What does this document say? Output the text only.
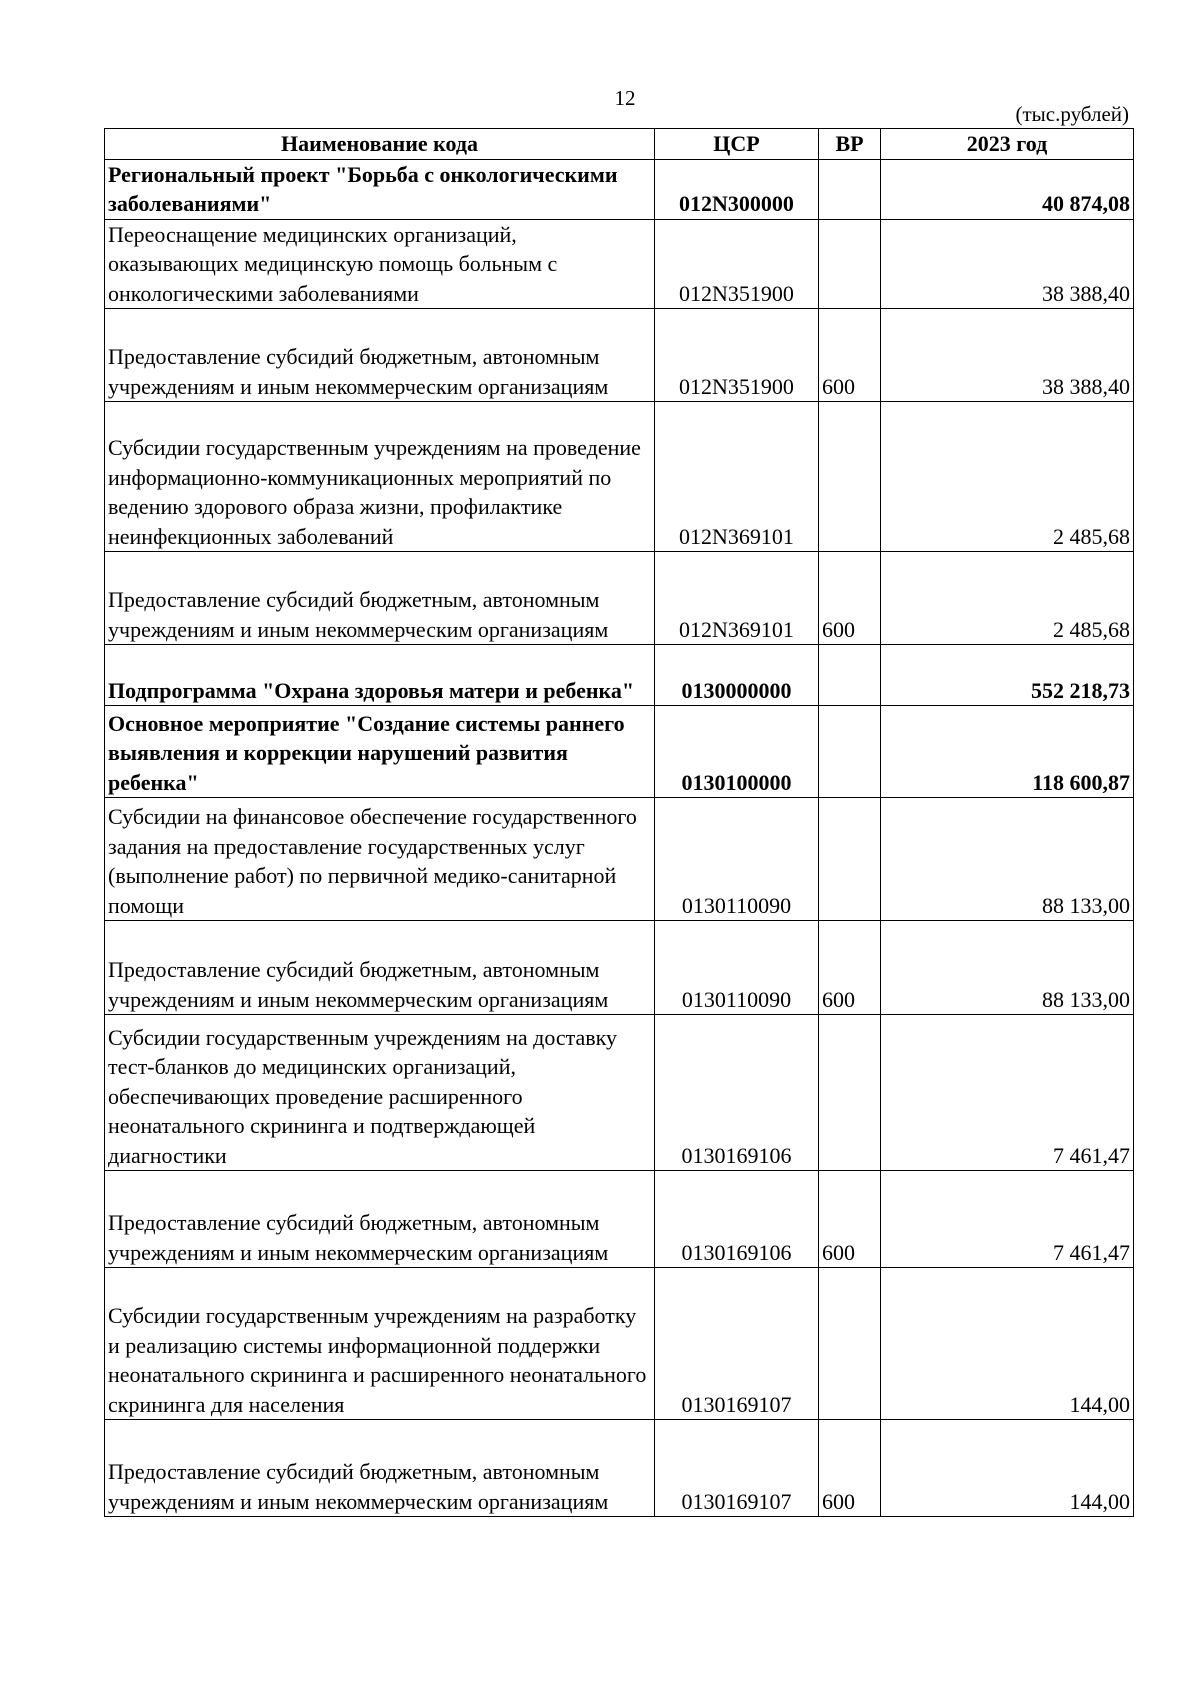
12
(тыс.рублей)
Наименование кода	ЦСР	ВР	2023 год
Региональный проект "Борьба с онкологическими заболеваниями"	012N300000		40 874,08
Переоснащение медицинских организаций, оказывающих медицинскую помощь больным с онкологическими заболеваниями	012N351900		38 388,40
Предоставление субсидий бюджетным, автономным учреждениям и иным некоммерческим организациям	012N351900	600	38 388,40
Субсидии государственным учреждениям на проведение информационно-коммуникационных мероприятий по ведению здорового образа жизни, профилактике неинфекционных заболеваний	012N369101		2 485,68
Предоставление субсидий бюджетным, автономным учреждениям и иным некоммерческим организациям	012N369101	600	2 485,68
Подпрограмма "Охрана здоровья матери и ребенка"	0130000000		552 218,73
Основное мероприятие "Создание системы раннего выявления и коррекции нарушений развития ребенка"	0130100000		118 600,87
Субсидии на финансовое обеспечение государственного задания на предоставление государственных услуг (выполнение работ) по первичной медико-санитарной помощи	0130110090		88 133,00
Предоставление субсидий бюджетным, автономным учреждениям и иным некоммерческим организациям	0130110090	600	88 133,00
Субсидии государственным учреждениям на доставку тест-бланков до медицинских организаций, обеспечивающих проведение расширенного неонатального скрининга и подтверждающей диагностики	0130169106		7 461,47
Предоставление субсидий бюджетным, автономным учреждениям и иным некоммерческим организациям	0130169106	600	7 461,47
Субсидии государственным учреждениям на разработку и реализацию системы информационной поддержки неонатального скрининга и расширенного неонатального скрининга для населения	0130169107		144,00
Предоставление субсидий бюджетным, автономным учреждениям и иным некоммерческим организациям	0130169107	600	144,00
